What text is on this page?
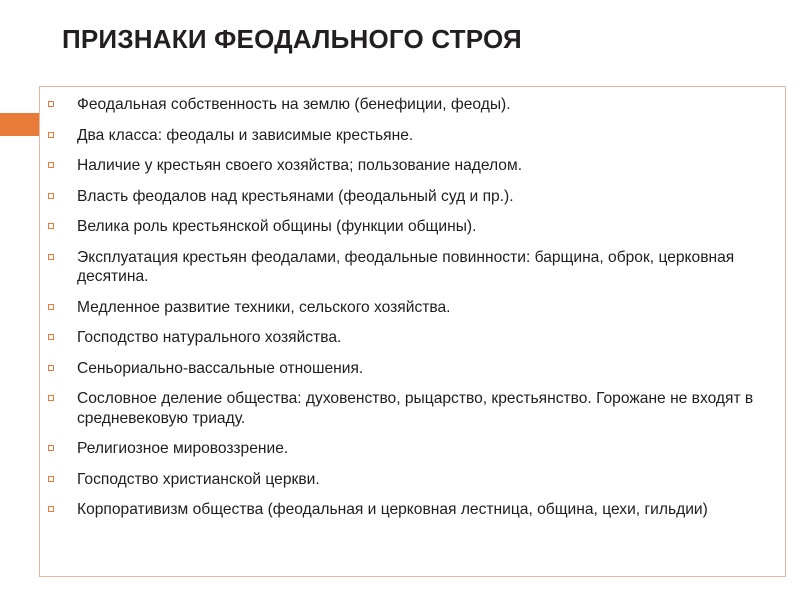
ПРИЗНАКИ ФЕОДАЛЬНОГО СТРОЯ
Феодальная собственность на землю (бенефиции, феоды).
Два класса: феодалы и зависимые крестьяне.
Наличие у крестьян своего хозяйства; пользование наделом.
Власть феодалов над крестьянами (феодальный суд и пр.).
Велика роль крестьянской общины (функции общины).
Эксплуатация крестьян феодалами, феодальные повинности: барщина, оброк, церковная десятина.
Медленное развитие техники, сельского хозяйства.
Господство натурального хозяйства.
Сеньориально-вассальные отношения.
Сословное деление общества: духовенство, рыцарство, крестьянство. Горожане не входят в средневековую триаду.
Религиозное мировоззрение.
Господство христианской церкви.
Корпоративизм общества (феодальная и церковная лестница, община, цехи, гильдии)
